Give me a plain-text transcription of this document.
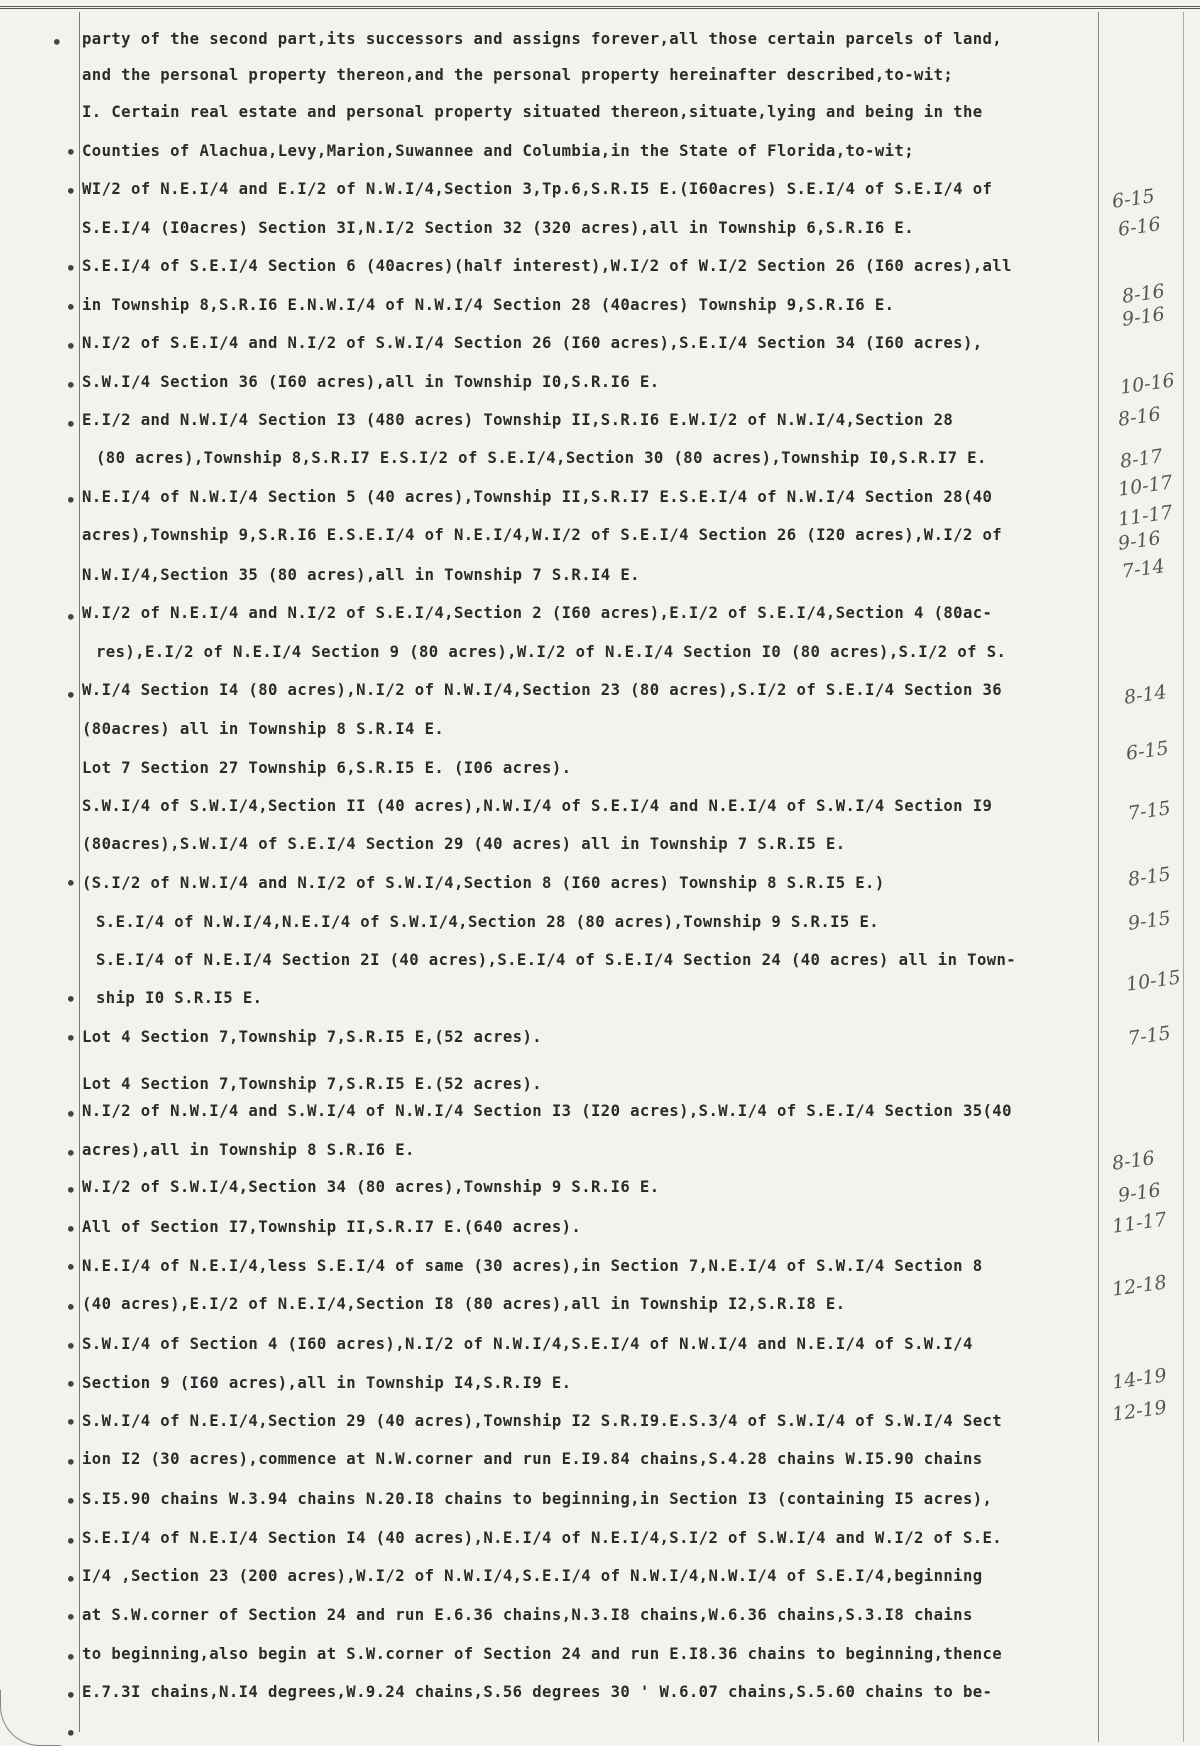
party of the second part,its successors and assigns forever,all those certain parcels of land,
and the personal property thereon,and the personal property hereinafter described,to-wit;
I. Certain real estate and personal property situated thereon,situate,lying and being in the
Counties of Alachua,Levy,Marion,Suwannee and Columbia,in the State of Florida,to-wit;
WI/2 of N.E.I/4 and E.I/2 of N.W.I/4,Section 3,Tp.6,S.R.I5 E.(I60acres) S.E.I/4 of S.E.I/4 of
S.E.I/4 (I0acres) Section 3I,N.I/2 Section 32 (320 acres),all in Township 6,S.R.I6 E.
S.E.I/4 of S.E.I/4 Section 6 (40acres)(half interest),W.I/2 of W.I/2 Section 26 (I60 acres),all
in Township 8,S.R.I6 E.N.W.I/4 of N.W.I/4 Section 28 (40acres) Township 9,S.R.I6 E.
N.I/2 of S.E.I/4 and N.I/2 of S.W.I/4 Section 26 (I60 acres),S.E.I/4 Section 34 (I60 acres),
S.W.I/4 Section 36 (I60 acres),all in Township I0,S.R.I6 E.
E.I/2 and N.W.I/4 Section I3 (480 acres) Township II,S.R.I6 E.W.I/2 of N.W.I/4,Section 28
(80 acres),Township 8,S.R.I7 E.S.I/2 of S.E.I/4,Section 30 (80 acres),Township I0,S.R.I7 E.
N.E.I/4 of N.W.I/4 Section 5 (40 acres),Township II,S.R.I7 E.S.E.I/4 of N.W.I/4 Section 28(40
acres),Township 9,S.R.I6 E.S.E.I/4 of N.E.I/4,W.I/2 of S.E.I/4 Section 26 (I20 acres),W.I/2 of
N.W.I/4,Section 35 (80 acres),all in Township 7 S.R.I4 E.
W.I/2 of N.E.I/4 and N.I/2 of S.E.I/4,Section 2 (I60 acres),E.I/2 of S.E.I/4,Section 4 (80ac-
res),E.I/2 of N.E.I/4 Section 9 (80 acres),W.I/2 of N.E.I/4 Section I0 (80 acres),S.I/2 of S.
W.I/4 Section I4 (80 acres),N.I/2 of N.W.I/4,Section 23 (80 acres),S.I/2 of S.E.I/4 Section 36
(80acres) all in Township 8 S.R.I4 E.
Lot 7 Section 27 Township 6,S.R.I5 E. (I06 acres).
S.W.I/4 of S.W.I/4,Section II (40 acres),N.W.I/4 of S.E.I/4 and N.E.I/4 of S.W.I/4 Section I9
(80acres),S.W.I/4 of S.E.I/4 Section 29 (40 acres) all in Township 7 S.R.I5 E.
(S.I/2 of N.W.I/4 and N.I/2 of S.W.I/4,Section 8 (I60 acres) Township 8 S.R.I5 E.)
S.E.I/4 of N.W.I/4,N.E.I/4 of S.W.I/4,Section 28 (80 acres),Township 9 S.R.I5 E.
S.E.I/4 of N.E.I/4 Section 2I (40 acres),S.E.I/4 of S.E.I/4 Section 24 (40 acres) all in Town-
ship I0 S.R.I5 E.
Lot 4 Section 7,Township 7,S.R.I5 E,(52 acres).
Lot 4 Section 7,Township 7,S.R.I5 E.(52 acres).
N.I/2 of N.W.I/4 and S.W.I/4 of N.W.I/4 Section I3 (I20 acres),S.W.I/4 of S.E.I/4 Section 35(40
acres),all in Township 8 S.R.I6 E.
W.I/2 of S.W.I/4,Section 34 (80 acres),Township 9 S.R.I6 E.
All of Section I7,Township II,S.R.I7 E.(640 acres).
N.E.I/4 of N.E.I/4,less S.E.I/4 of same (30 acres),in Section 7,N.E.I/4 of S.W.I/4 Section 8
(40 acres),E.I/2 of N.E.I/4,Section I8 (80 acres),all in Township I2,S.R.I8 E.
S.W.I/4 of Section 4 (I60 acres),N.I/2 of N.W.I/4,S.E.I/4 of N.W.I/4 and N.E.I/4 of S.W.I/4
Section 9 (I60 acres),all in Township I4,S.R.I9 E.
S.W.I/4 of N.E.I/4,Section 29 (40 acres),Township I2 S.R.I9.E.S.3/4 of S.W.I/4 of S.W.I/4 Sect
ion I2 (30 acres),commence at N.W.corner and run E.I9.84 chains,S.4.28 chains W.I5.90 chains
S.I5.90 chains W.3.94 chains N.20.I8 chains to beginning,in Section I3 (containing I5 acres),
S.E.I/4 of N.E.I/4 Section I4 (40 acres),N.E.I/4 of N.E.I/4,S.I/2 of S.W.I/4 and W.I/2 of S.E.
I/4 ,Section 23 (200 acres),W.I/2 of N.W.I/4,S.E.I/4 of N.W.I/4,N.W.I/4 of S.E.I/4,beginning
at S.W.corner of Section 24 and run E.6.36 chains,N.3.I8 chains,W.6.36 chains,S.3.I8 chains
to beginning,also begin at S.W.corner of Section 24 and run E.I8.36 chains to beginning,thence
E.7.3I chains,N.I4 degrees,W.9.24 chains,S.56 degrees 30 ' W.6.07 chains,S.5.60 chains to be-
•
•
•
•
•
•
•
•
•
•
•
•
•
•
•
•
•
•
•
•
•
•
•
•
•
•
•
•
•
•
•
6-15
6-16
8-16
9-16
10-16
8-16
8-17
10-17
11-17
9-16
7-14
8-14
6-15
7-15
8-15
9-15
10-15
7-15
8-16
9-16
11-17
12-18
14-19
12-19
